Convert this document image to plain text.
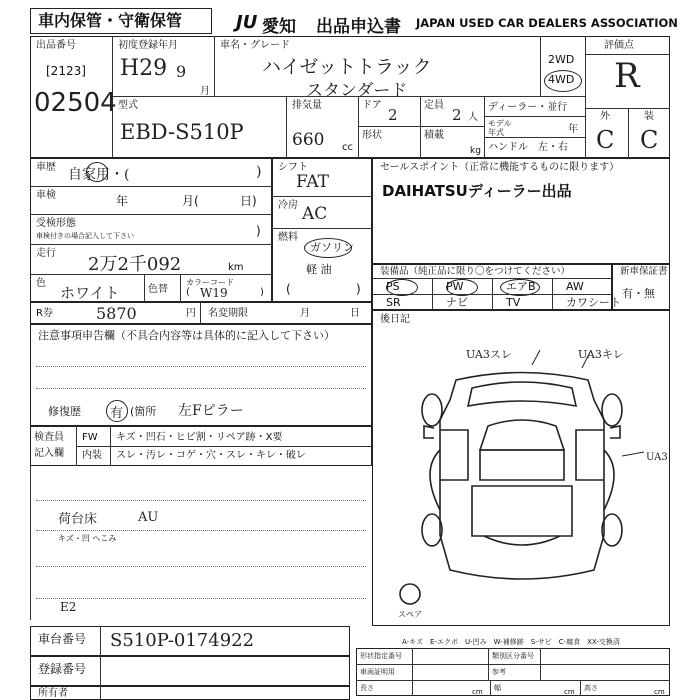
車内保管・守衛保管	JU 愛知 出品申込書 JAPAN USED CAR DEALERS ASSOCIATION
出品番号
[2123]
02504
初度登録年月
H29 9
月
車名・グレード
ハイゼットトラック
スタンダード
2WD
4WD
評価点
R
外	装
C C
型式
EBD-S510P
排気量
660 cc
ドア
2
定員
2 人
形状	積載
kg
ディーラー・並行
モデル
年式	年
ハンドル　左・右
車歴 自家用・(	)
車検	年	月(	日)
受検形態
車検付きの場合記入して下さい	)
走行
2万2千092	km
色
ホワイト	色替
カラーコード
( W19	)
シフト
FAT
冷房 AC
燃料
ガソリン
軽 油
(	)
セールスポイント（正常に機能するものに限ります）
DAIHATSUディーラー出品
装備品（純正品に限り〇をつけてください）	新車保証書
有・無
R券	5870	円 名変期限	月	日
注意事項申告欄（不具合内容等は具体的に記入して下さい）
修復歴 有 (箇所 左Fピラー
検査員
記入欄
FW キズ・凹石・ヒビ割・リペア跡・X要
内装 スレ・汚レ・コゲ・穴・スレ・キレ・破レ
荷台床	AU
キズ・凹 へこみ
E2
後日記
UA3スレ	UA3キレ
UA3
スペア
A-キズ　E-エクボ　U-凹み　W-補修跡　S-サビ　C-腐食　XX-交換済
車台番号 S510P-0174922
登録番号
所有者
形状指定番号	類別区分番号
車両証明用	参考
長さ	幅	高さ
cm	cm	cm
PS	PW	エアB	AW
SR	ナビ	TV	カワシート
